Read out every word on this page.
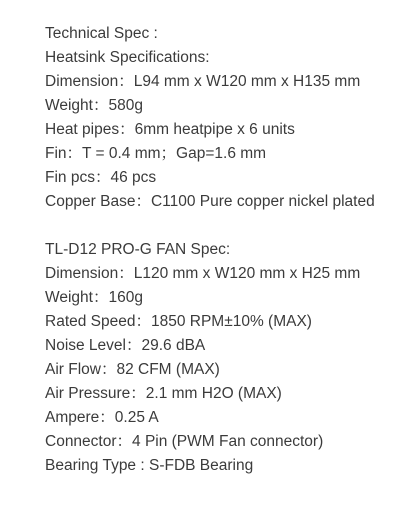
Technical Spec :
Heatsink Specifications:
Dimension：L94 mm x W120 mm x H135 mm
Weight：580g
Heat pipes：6mm heatpipe x 6 units
Fin：T = 0.4 mm；Gap=1.6 mm
Fin pcs：46 pcs
Copper Base：C1100 Pure copper nickel plated
TL-D12 PRO-G FAN Spec:
Dimension：L120 mm x W120 mm x H25 mm
Weight：160g
Rated Speed：1850 RPM±10% (MAX)
Noise Level：29.6 dBA
Air Flow：82 CFM (MAX)
Air Pressure：2.1 mm H2O (MAX)
Ampere：0.25 A
Connector：4 Pin (PWM Fan connector)
Bearing Type : S-FDB Bearing
